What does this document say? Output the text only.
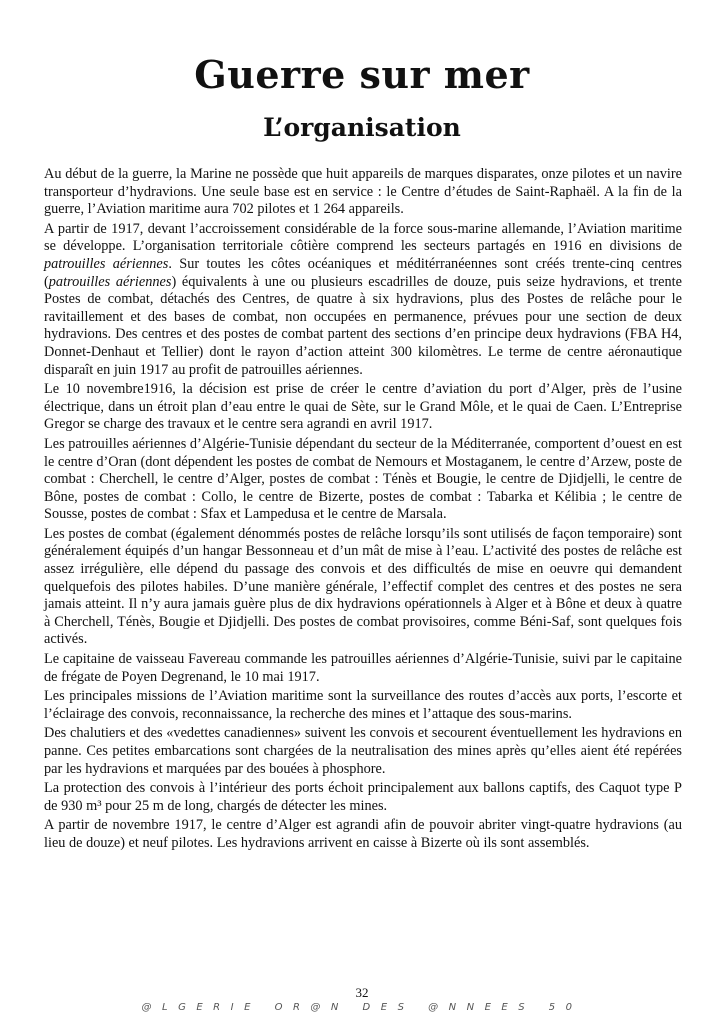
Guerre sur mer
L’organisation

Au début de la guerre, la Marine ne possède que huit appareils de marques disparates, onze pilotes et un navire transporteur d’hydravions. Une seule base est en service : le Centre d’études de Saint-Raphaël. A la fin de la guerre, l’Aviation maritime aura 702 pilotes et 1 264 appareils.

A partir de 1917, devant l’accroissement considérable de la force sous-marine allemande, l’Aviation maritime se développe. L’organisation territoriale côtière comprend les secteurs partagés en 1916 en divisions de patrouilles aériennes. Sur toutes les côtes océaniques et méditérranéennes sont créés trente-cinq centres (patrouilles aériennes) équivalents à une ou plusieurs escadrilles de douze, puis seize hydravions, et trente Postes de combat, détachés des Centres, de quatre à six hydravions, plus des Postes de relâche pour le ravitaillement et des bases de combat, non occupées en permanence, prévues pour une section de deux hydravions. Des centres et des postes de combat partent des sections d’en principe deux hydravions (FBA H4, Donnet-Denhaut et Tellier) dont le rayon d’action atteint 300 kilomètres. Le terme de centre aéronautique disparaît en juin 1917 au profit de patrouilles aériennes.

Le 10 novembre1916, la décision est prise de créer le centre d’aviation du port d’Alger, près de l’usine électrique, dans un étroit plan d’eau entre le quai de Sète, sur le Grand Môle, et le quai de Caen. L’Entreprise Gregor se charge des travaux et le centre sera agrandi en avril 1917.

Les patrouilles aériennes d’Algérie-Tunisie dépendant du secteur de la Méditerranée, comportent d’ouest en est le centre d’Oran (dont dépendent les postes de combat de Nemours et Mostaganem, le centre d’Arzew, poste de combat : Cherchell, le centre d’Alger, postes de combat : Ténès et Bougie, le centre de Djidjelli, le centre de Bône, postes de combat : Collo, le centre de Bizerte, postes de combat : Tabarka et Kélibia ; le centre de Sousse, postes de combat : Sfax et Lampedusa et le centre de Marsala.

Les postes de combat (également dénommés postes de relâche lorsqu’ils sont utilisés de façon temporaire) sont généralement équipés d’un hangar Bessonneau et d’un mât de mise à l’eau. L’activité des postes de relâche est assez irrégulière, elle dépend du passage des convois et des difficultés de mise en oeuvre qui demandent quelquefois des pilotes habiles. D’une manière générale, l’effectif complet des centres et des postes ne sera jamais atteint. Il n’y aura jamais guère plus de dix hydravions opérationnels à Alger et à Bône et deux à quatre à Cherchell, Ténès, Bougie et Djidjelli. Des postes de combat provisoires, comme Béni-Saf, sont quelques fois activés.

Le capitaine de vaisseau Favereau commande les patrouilles aériennes d’Algérie-Tunisie, suivi par le capitaine de frégate de Poyen Degrenand, le 10 mai 1917.

Les principales missions de l’Aviation maritime sont la surveillance des routes d’accès aux ports, l’escorte et l’éclairage des convois, reconnaissance, la recherche des mines et l’attaque des sous-marins.

Des chalutiers et des «vedettes canadiennes» suivent les convois et secourent éventuellement les hydravions en panne. Ces petites embarcations sont chargées de la neutralisation des mines après qu’elles aient été repérées par les hydravions et marquées par des bouées à phosphore.

La protection des convois à l’intérieur des ports échoit principalement aux ballons captifs, des Caquot type P de 930 m³ pour 25 m de long, chargés de détecter les mines.

A partir de novembre 1917, le centre d’Alger est agrandi afin de pouvoir abriter vingt-quatre hydravions (au lieu de douze) et neuf pilotes. Les hydravions arrivent en caisse à Bizerte où ils sont assemblés.

32
@LGERIE OR@N DES @NNEES 50
